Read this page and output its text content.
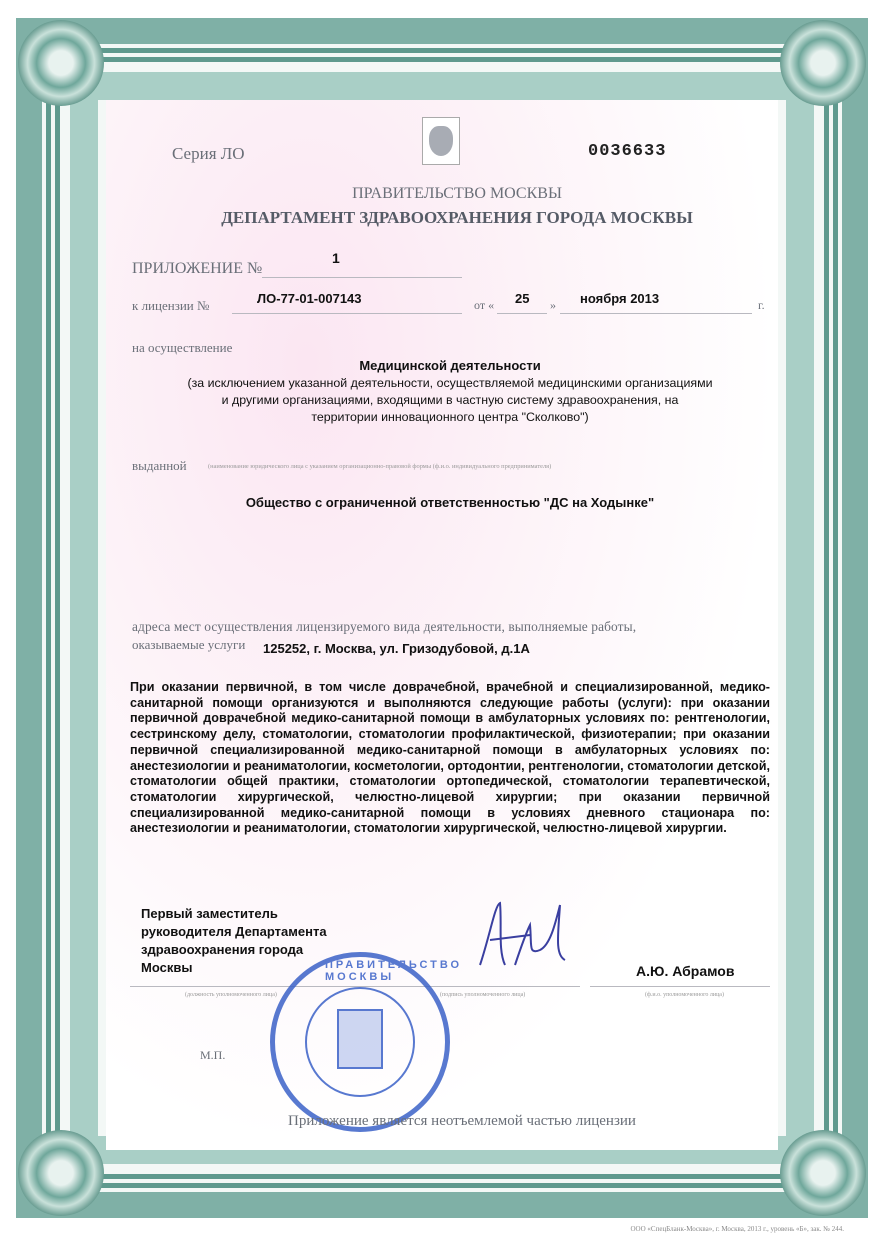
Серия ЛО	0036633
ПРАВИТЕЛЬСТВО МОСКВЫ
ДЕПАРТАМЕНТ ЗДРАВООХРАНЕНИЯ ГОРОДА МОСКВЫ
ПРИЛОЖЕНИЕ №
1
к лицензии №	ЛО-77-01-007143	от « 25 » ноября 2013	г.
на осуществление
Медицинской деятельности
(за исключением указанной деятельности, осуществляемой медицинскими организациями
и другими организациями, входящими в частную систему здравоохранения, на
территории инновационного центра "Сколково")
выданной	(наименование юридического лица с указанием организационно-правовой формы (ф.и.о. индивидуального предпринимателя)
Общество с ограниченной ответственностью "ДС на Ходынке"
адреса мест осуществления лицензируемого вида деятельности, выполняемые работы,
оказываемые услуги 125252, г. Москва, ул. Гризодубовой, д.1А
При оказании первичной, в том числе доврачебной, врачебной и специализированной, медико-санитарной помощи организуются и выполняются следующие работы (услуги): при оказании первичной доврачебной медико-санитарной помощи в амбулаторных условиях по: рентгенологии, сестринскому делу, стоматологии, стоматологии профилактической, физиотерапии; при оказании первичной специализированной медико-санитарной помощи в амбулаторных условиях по: анестезиологии и реаниматологии, косметологии, ортодонтии, рентгенологии, стоматологии детской, стоматологии общей практики, стоматологии ортопедической, стоматологии терапевтической, стоматологии хирургической, челюстно-лицевой хирургии; при оказании первичной специализированной медико-санитарной помощи в условиях дневного стационара по: анестезиологии и реаниматологии, стоматологии хирургической, челюстно-лицевой хирургии.
Первый заместитель
руководителя Департамента
здравоохранения города
Москвы	А.Ю. Абрамов
(должность уполномоченного лица)	(подпись уполномоченного лица)	(ф.и.о. уполномоченного лица)
М.П.
ПРАВИТЕЛЬСТВО МОСКВЫ
Приложение является неотъемлемой частью лицензии
ООО «СпецБланк-Москва», г. Москва, 2013 г., уровень «Б», зак. № 244.
